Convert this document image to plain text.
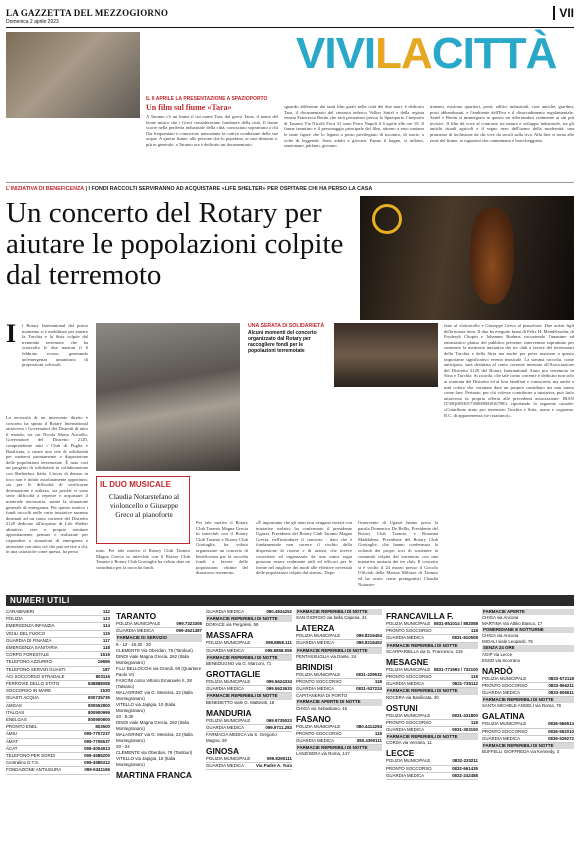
LA GAZZETTA DEL MEZZOGIORNO
Domenica 2 aprile 2023
VII
VIVILACITTÀ
IL 6 APRILE LA PRESENTAZIONE A SPAZIOPORTO
Un film sul fiume «Tara»
A Taranto c'è un fiume il cui nome Tara, dal greco Taras, il nome del leone mitico che i Greci consideravano fondatore della città. Il fiume scorre nella periferia industriale della città, conosciuto soprattutto a chi l'ha frequentato e conosciuto nonostante la cattiva condizione delle sue acque. A questo fiume, alle persone che lo popolano, ai suoi dintorni e, più in generale, a Taranto ora è dedicato un documentario.
sguardo differente dai tanti film girati nella città dei due mari, è dedicato Tara, il documentario del cineasta tedesco Volker Sattel e della regista veneta Francesca Bertin che sarà presentato presso lo Spaziporto Cineporto di Taranto Via Nicolò Foca 31 sono Porto Napoli il 6 aprile alle ore 19. Il fiume tarantino e il personaggio principale del film, attorno a esso ruotano le tante figure che lo legano a posto privilegiato di incontro, di storie, a volte di leggende. Sono adulti e giovani. Fanno il bagno, si tuffano, stazionano, parlano, giocano.
tranano, esistono quartieri, posti, edifici industriali, case antiche, giardini, posti abbandonati, e l'ambiente dell'Ilva e il disaccadimento regolamentale. Sattel e Bertin si immergono in questo set afferrandosi realmente ai siti più incisivi. Il film dà voce al contrasto tra natura e sviluppo industriale, tra gli antichi rituali agricoli e il segno nero dell'uomo della modernità, una promesse di inclusione da chi vive da secoli sulla riva. Alla fine si torna alle zone del fiume, ai ragazzini che camminano e braccheggiano.
L'INIZIATIVA DI BENEFICENZA | I FONDI RACCOLTI SERVIRANNO AD ACQUISTARE «LIFE SHELTER» PER OSPITARE CHI HA PERSO LA CASA
Un concerto del Rotary per aiutare le popolazioni colpite dal terremoto
I l Rotary International dal primo momento si è mobilitato per aiutare la Turchia e la Siria colpite dal tremendo terremoto che ha sconvolto le due nazioni il 6 febbraio scorso, generando un'emergenza umanitaria di proporzioni colossali.
La necessità di un intervento diretto e concreto ha spinto il Rotary International attraverso i Governatori dei Distretti di tutto il mondo, tra cui Nicola Maria Auciello, Governatore del Distretto 2120, comprendente tutti i Club di Puglia e Basilicata, a creare una rete di solidarietà per mettersi prontamente a disposizione delle popolazioni terremotate. È nato così un progetto di solidarietà in collaborazione con Shelterbox Italia. L'invio di denaro in loco non è infatti assolutamente opportuno, sia per le difficoltà di verificarne destinazione e utilizzo, sia perché vi sono serie difficoltà a reperire e acquistare il materiale necessario, stante la situazione generale di emergenza. Per questo motivo i fondi raccolti nelle varie iniziative saranno destinati ad un conto corrente del Distretto 2120 dedicato all'acquisto di Life Shelter abitative, vere e proprie strutture appositamente pensate e realizzate per rispondere a situazioni di emergenza e attrezzate con tutto ciò che può servire a chi, in una catastrofe come questa, ha perso
UNA SERATA DI SOLIDARIETÀ
Alcuni momenti del concerto organizzato dal Rotary per raccogliere fondi per le popolazioni terremotate
IL DUO MUSICALE
Claudia Notarstefano al violoncello e Giuseppe Greco al pianoforte
tutto. Per tale motivo il Rotary Club Taranto Magna Grecia in interclub con il Rotary Club Taranto e Rotary Club Grottaglie ha voluto dare un contributo per la raccolta fondi.
Per tale motivo il Rotary Club Taranto Magna Grecia in interclub con il Rotary Club Taranto e Rotary Club Grottaglie, ha voluto organizzare un concerto di beneficenza per la raccolta fondi a favore delle popolazioni vittime del disastroso terremoto.
«È importante che gli aiuti non vengano inviati con iniziative isolate» ha confermato il presidente Ugazzi, Presidente del Rotary Club Taranto Magna Grecia, nell'introdurre il concerto - dato che è fondamentale non correre il rischio della dispersione di risorse e di azioni, che invece concertate ed organizzate da una unica regia possono essere realmente utili ed efficaci per le fronte nel migliore dei modi alle effettive necessità delle popolazioni colpite dal sisma». Dopo
l'intervento di Ugazzi hanno preso la parola Domenico De Bellis, Presidente del Rotary Club Taranto, e Rosanna Maddalena, Presidente del Rotary Club Grottaglie, che hanno confermato la volontà dei propri soci di sostenere la comunità colpita dal terremoto con una iniziativa unitaria dei tre club. Il concerto si è svolto il 24 marzo presso il Circolo Ufficiali della Marina Militare di Taranto ed ha avuto come protagonisti Claudia Notarste-
fano al violoncello e Giuseppe Greco al pianoforte. Due artisti figli della nostra terra. Il duo ha eseguito brani di Felix H. Mendelssohn, di Fryderyk Chopin e Johannes Brahms riscuotendo l'unanime ed entusiastico plauso del pubblico presente, intervenuto soprattutto per sostenere la meritoria iniziativa dei tre club a favore del terremotati della Turchia e della Siria ma anche per poter assistere a questo importante significativo evento musicale. La somma raccolta, come anticipato, sarà destinata al conto corrente intestato all'Associazione del Distretto 2120 del Rotary International Aiuto pro terremoto in Siria e Turchia. Si ricorda, che tale conto corrente è dedicato non solo ai rotariani del Distretto ed ai loro familiari e conoscenti, ma anche a tutti coloro che vorranno dare un proprio contributo ma non sanno come fare. Pertanto, per chi volesse contribuire a iniziativa, può farlo attraverso la propria offerta alle precedenti associazione: IBAN IT30Q0853017300000000167083, riportando la seguente causale: «Contributo aiuto pro terremoto Turchia e Siria, nome e cognome, R.C. di appartenenza (se rotariano)».
NUMERI UTILI
CARABINIERI	112
POLIZIA	113
EMERGENZA INFANZIA	114
VIGILI DEL FUOCO	115
GUARDIA DI FINANZA	117
EMERGENZA SANITARIA	118
CORPO FORESTALE	1515
TELEFONO AZZURRO	19696
TELEFONO SERVIZI GUASTI	187
ACI SOCCORSO STRADALE	803116
FERROVIE DELLO STATO	848888088
SOCCORSO IN MARE	1530
GUASTI ACQUA	800735735
AMGAS	800552800
ITALGAS	800900999
ENELGAS	800900800
PRONTO ENEL	803500
AMIU	099-7707237
AMAT	099-7706537
ACAT	099-4004913
TELEFONO PER SORDI	099-4585200
Centralino D.T.S.	099-4585312
FONDAZIONE ANTIUSURA	099-5341166
TARANTO
POLIZIA MUNICIPALE	099.7323305
GUARDIA MEDICA	099-4521487
FARMACIE DI SERVIZIO
9 - 13 - 16.30 - 20
CLEMENTE Via Oberdan, 78 (Tamburi)
DINOI viale Magna Grecia, 262 (Italia Montegranaro)
F.LLI BELLOCCHI via Grandi, 60 (Quartiere Paolo VI)
FASCINI corso Vittorio Emanuele II, 28 (Talsano)
MALAGRINO' via G. Messina, 22 (Italia Montegranaro)
VITELLO via Japigia, 10 (Italia Montegranaro)
20 - 8.30
DINOI viale Magna Grecia, 262 (Italia Montegranaro)
MALAGRINO' via G. Messina, 22 (Italia Montegranaro)
20 - 24
CLEMENTE via Oberdan, 78 (Tamburi)
VITELLO via Japigia, 10 (Italia Montegranaro)
MARTINA FRANCA
GUARDIA MEDICA	080.4834252
FARMACIE REPERIBILI DI NOTTE
DORACE via Pergolesi, 59
MASSAFRA
POLIZIA MUNICIPALE	099.8858.111
GUARDIA MEDICA	099.8858.555
FARMACIE REPERIBILI DI NOTTE
BENEDUGNO via G. Marconi, 71
GROTTAGLIE
POLIZIA MUNICIPALE	099.5624334
GUARDIA MEDICA	099.5623633
FARMACIE REPERIBILI DI NOTTE
BENEDETTO viale G. Matteotti, 18
MANDURIA
POLIZIA MUNICIPALE	099.9735023
GUARDIA MEDICA	099.9711.283
FARMACIA MEDICA via S. Gregorio Magno, 29
GINOSA
POLIZIA MUNICIPALE	099.8290111
GUARDIA MEDICA	Via Padre A. Yura
FARMACIE REPERIBILI DI NOTTE
SAN GIORGIO via bella Capena, 41
LATERZA
POLIZIA MUNICIPALE	099.8216454
GUARDIA MEDICA	099.8216452
FARMACIE REPERIBILI DI NOTTE
PENTASSUGLIA via Dante, 24
BRINDISI
POLIZIA MUNICIPALE	0831-229532
PRONTO SOCCORSO	118
GUARDIA MEDICA	0831-537224
CAPITANERIA DI PORTO
FARMACIE APERTE DI NOTTE
CHIGA via Sebastiano, 46
FASANO
POLIZIA MUNICIPALE	080.4414294
PRONTO SOCCORSO	118
GUARDIA MEDICA	080.4390111
FARMACIE REPERIBILI DI NOTTE
LANZISERA via Roma, 147
FRANCAVILLA F.
POLIZIA MUNICIPALE 0831-851014 / 852088
PRONTO SOCCORSO	118
GUARDIA MEDICA	0831-810508
FARMACIE REPERIBILI DI NOTTE
SCARPARIELLA via G. Francesco, 215
MESAGNE
POLIZIA MUNICIPALE 0831-771993 / 732100
PRONTO SOCCORSO	118
GUARDIA MEDICA	0831-735112
FARMACIE REPERIBILI DI NOTTE
NOCERA via Basilicata, 20
OSTUNI
POLIZIA MUNICIPALE	0831-331800
PRONTO SOCCORSO	118
GUARDIA MEDICA	0831-303150
FARMACIE REPERIBILI DI NOTTE
CORSA via Verrana, 11
LECCE
POLIZIA MUNICIPALE	0832-233211
PRONTO SOCCORSO	0832-661435
GUARDIA MEDICA	0832-242488
FARMACIE APERTE
CHIGA via Ancona
MARTINA Via Attilio Biasco, 17
POMERIDIANE E NOTTURNE
CHIGA via Ancona
MIGALI viale Leopardi, 76
SENZA 24 ORE
AGIP via Lecce
ESSO via Scorrano
NARDÒ
POLIZIA MUNICIPALE	0833-572118
PRONTO SOCCORSO	0833-566211
GUARDIA MEDICA	0833-506611
FARMACIE REPERIBILI DI NOTTE
SANTA MICHELE ANGELI via Roma, 79
GALATINA
POLIZIA MUNICIPALE	0836-566514
PRONTO SOCCORSO	0836-562010
GUARDIA MEDICA	0836-529272
FARMACIE REPERIBILI DI NOTTE
BUFFELLI GIOFFREDA via Kennedy, 3
